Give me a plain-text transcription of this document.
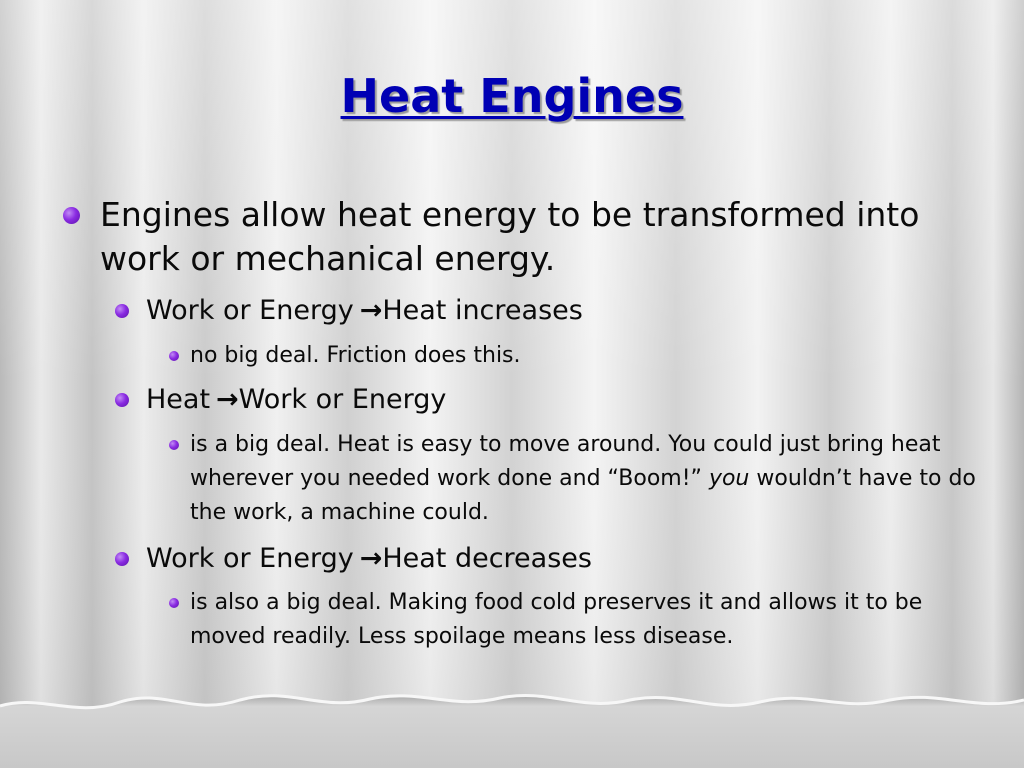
Heat Engines
Engines allow heat energy to be transformed into work or mechanical energy.
Work or Energy →Heat increases
no big deal. Friction does this.
Heat →Work or Energy
is a big deal. Heat is easy to move around. You could just bring heat wherever you needed work done and “Boom!” you wouldn’t have to do the work, a machine could.
Work or Energy →Heat decreases
is also a big deal. Making food cold preserves it and allows it to be moved readily. Less spoilage means less disease.
